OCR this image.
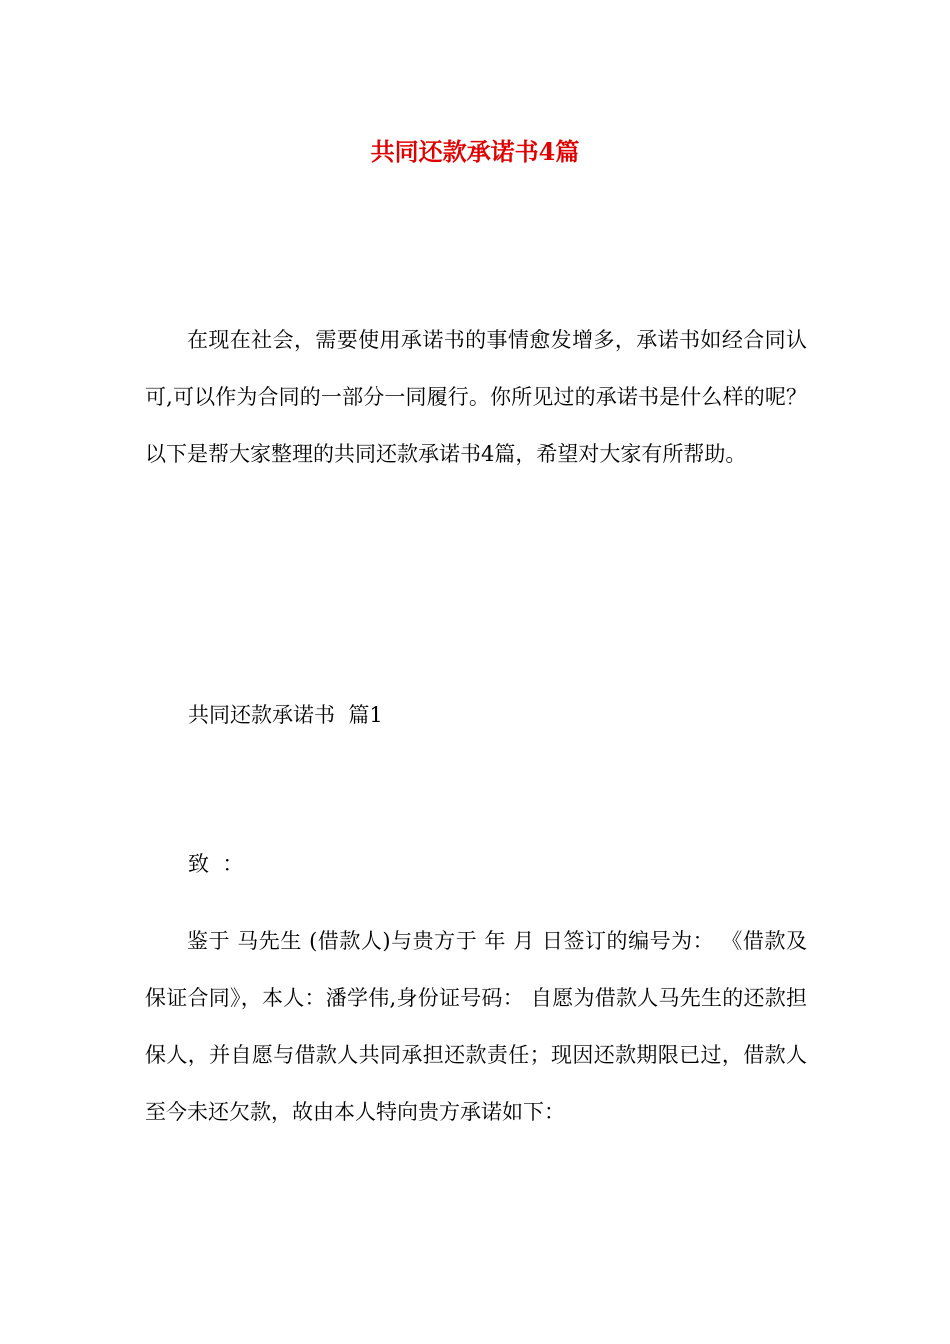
共同还款承诺书4篇

在现在社会，需要使用承诺书的事情愈发增多，承诺书如经合同认可,可以作为合同的一部分一同履行。你所见过的承诺书是什么样的呢？以下是帮大家整理的共同还款承诺书4篇，希望对大家有所帮助。

共同还款承诺书  篇1
致  ：

鉴于 马先生 (借款人)与贵方于 年 月 日签订的编号为： 《借款及保证合同》，本人：潘学伟,身份证号码： 自愿为借款人马先生的还款担保人，并自愿与借款人共同承担还款责任；现因还款期限已过，借款人至今未还欠款，故由本人特向贵方承诺如下：
